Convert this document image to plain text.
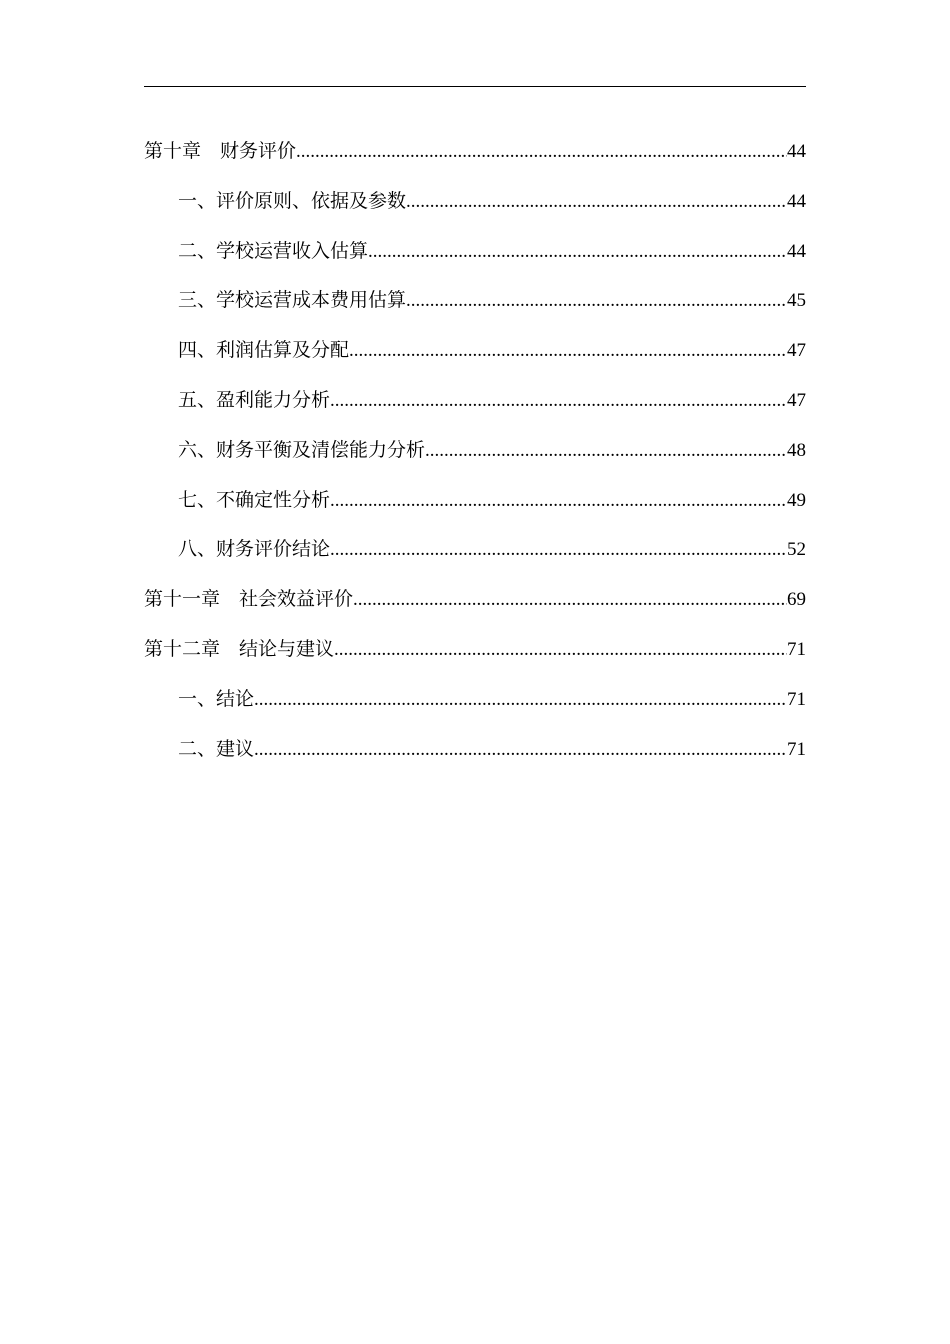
第十章　财务评价 .....	44
一、评价原则、依据及参数 .....	44
二、学校运营收入估算 .....	44
三、学校运营成本费用估算 .....	45
四、利润估算及分配 .....	47
五、盈利能力分析 .....	47
六、财务平衡及清偿能力分析 .....	48
七、不确定性分析 .....	49
八、财务评价结论 .....	52
第十一章　社会效益评价 .....	69
第十二章　结论与建议 .....	71
一、结论 .....	71
二、建议 .....	71
